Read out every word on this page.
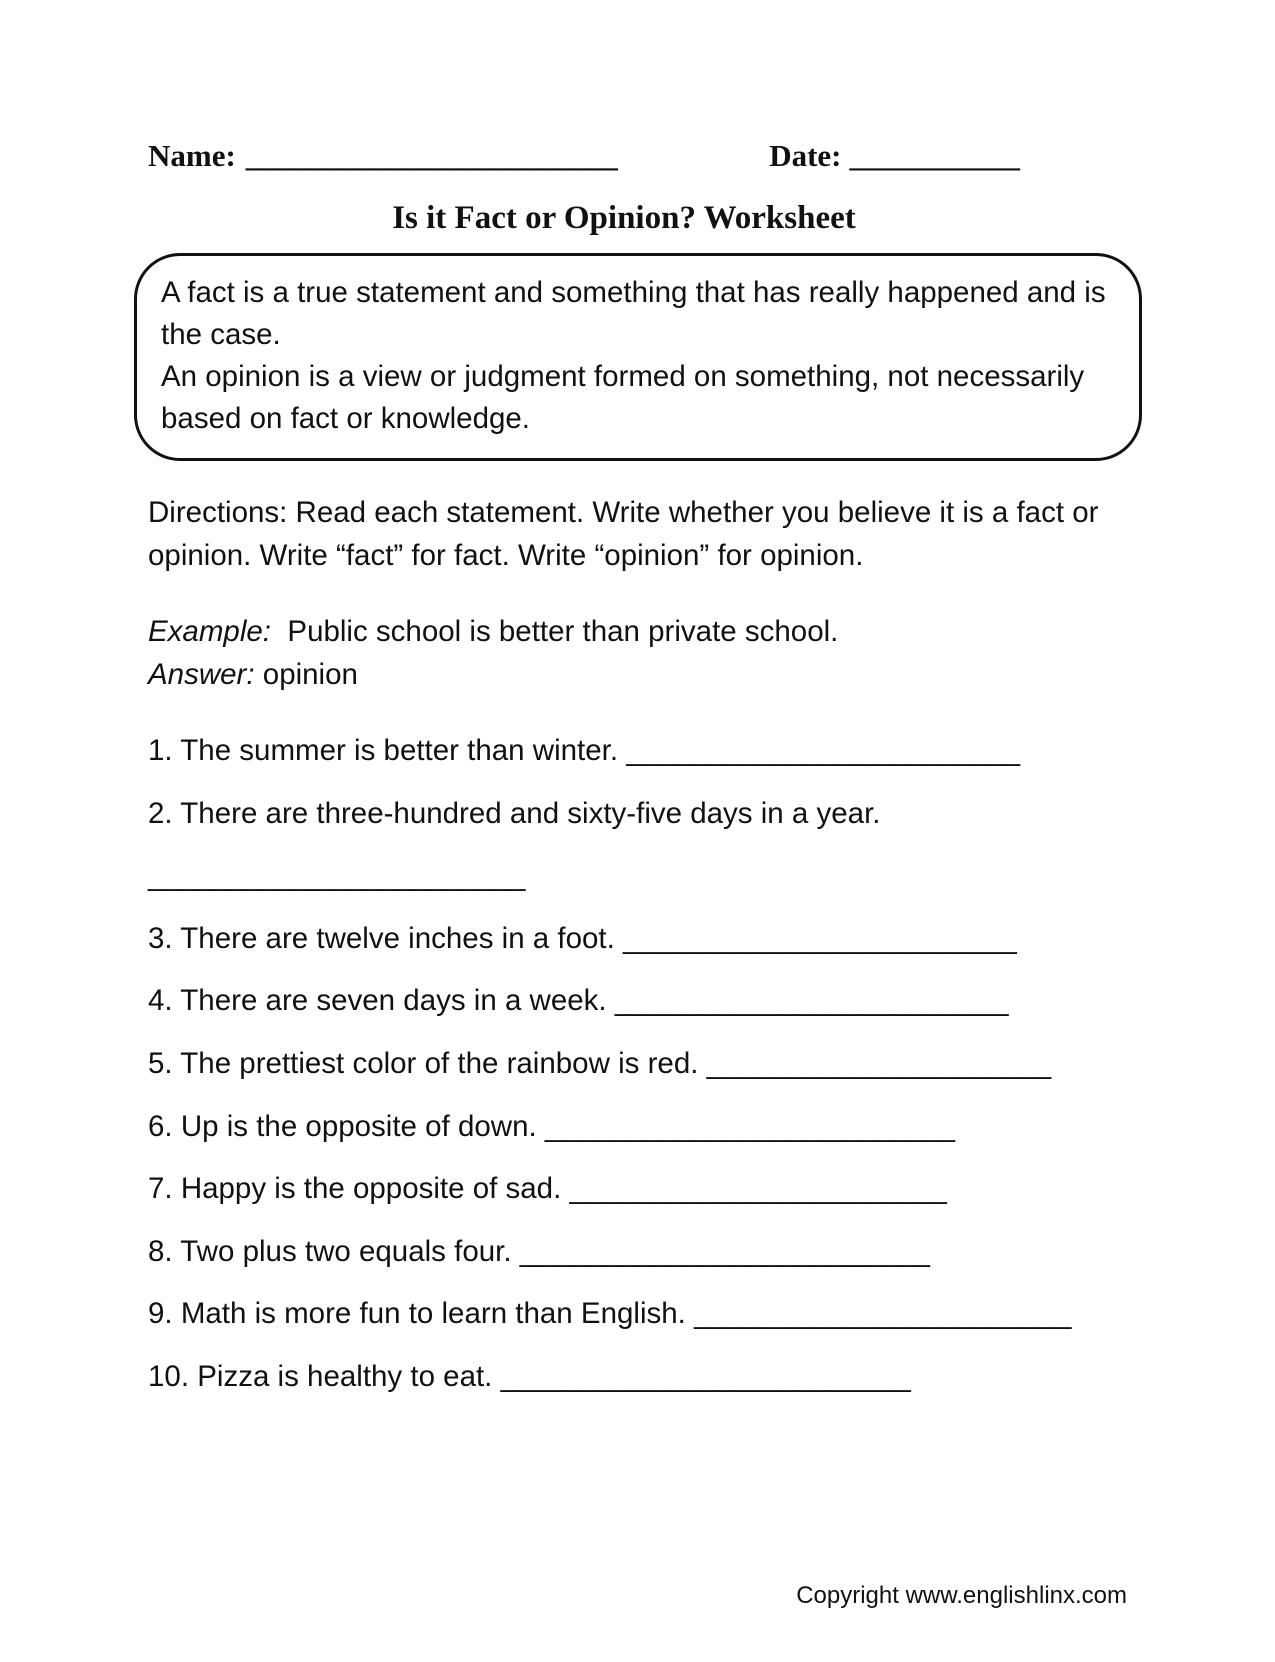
Name: ________________________	Date: ___________
Is it Fact or Opinion? Worksheet

A fact is a true statement and something that has really happened and is the case.

An opinion is a view or judgment formed on something, not necessarily based on fact or knowledge.

Directions: Read each statement. Write whether you believe it is a fact or opinion. Write “fact” for fact. Write “opinion” for opinion.

Example: Public school is better than private school.

Answer: opinion

1. The summer is better than winter. ________________________

2. There are three-hundred and sixty-five days in a year.

_______________________

3. There are twelve inches in a foot. ________________________

4. There are seven days in a week. ________________________

5. The prettiest color of the rainbow is red. _____________________

6. Up is the opposite of down. _________________________

7. Happy is the opposite of sad. _______________________

8. Two plus two equals four. _________________________

9. Math is more fun to learn than English. _______________________

10. Pizza is healthy to eat. _________________________

Copyright www.englishlinx.com
